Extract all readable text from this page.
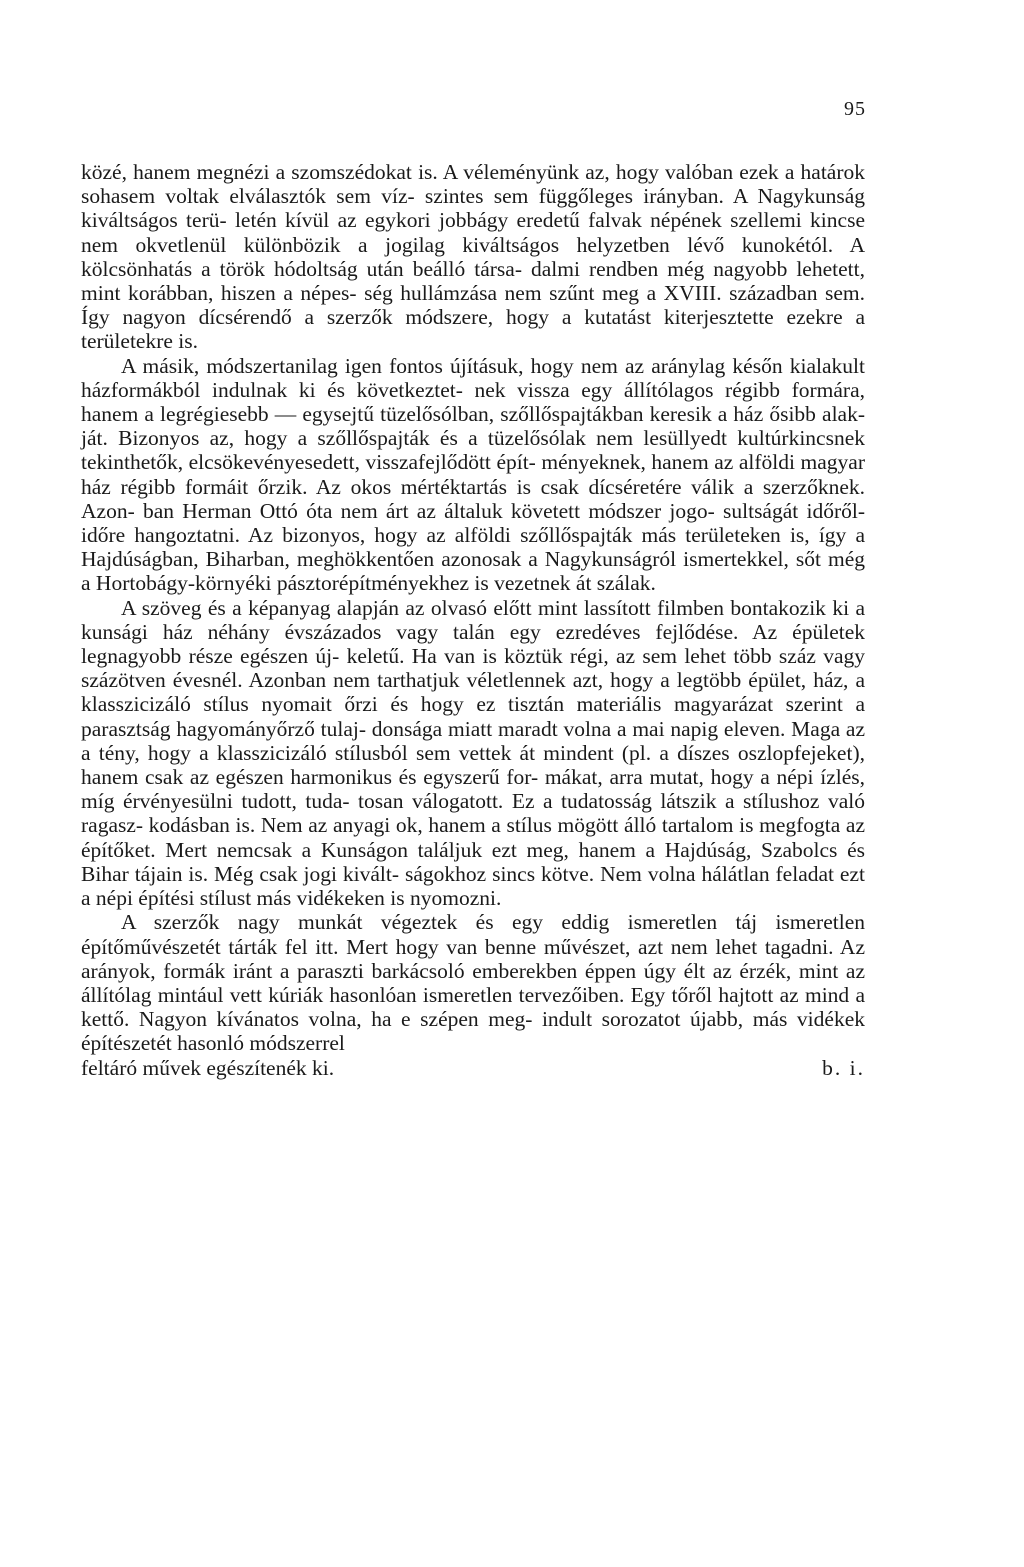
95

közé, hanem megnézi a szomszédokat is. A véleményünk az, hogy valóban ezek a határok sohasem voltak elválasztók sem víz- szintes sem függőleges irányban. A Nagykunság kiváltságos terü- letén kívül az egykori jobbágy eredetű falvak népének szellemi kincse nem okvetlenül különbözik a jogilag kiváltságos helyzetben lévő kunokétól. A kölcsönhatás a török hódoltság után beálló társa- dalmi rendben még nagyobb lehetett, mint korábban, hiszen a népes- ség hullámzása nem szűnt meg a XVIII. században sem. Így nagyon dícsérendő a szerzők módszere, hogy a kutatást kiterjesztette ezekre a területekre is.

A másik, módszertanilag igen fontos újításuk, hogy nem az aránylag későn kialakult házformákból indulnak ki és következtet- nek vissza egy állítólagos régibb formára, hanem a legrégiesebb — egysejtű tüzelősólban, szőllőspajtákban keresik a ház ősibb alak- ját. Bizonyos az, hogy a szőllőspajták és a tüzelősólak nem lesüllyedt kultúrkincsnek tekinthetők, elcsökevényesedett, visszafejlődött épít- ményeknek, hanem az alföldi magyar ház régibb formáit őrzik. Az okos mértéktartás is csak dícséretére válik a szerzőknek. Azon- ban Herman Ottó óta nem árt az általuk követett módszer jogo- sultságát időről-időre hangoztatni. Az bizonyos, hogy az alföldi szőllőspajták más területeken is, így a Hajdúságban, Biharban, meghökkentően azonosak a Nagykunságról ismertekkel, sőt még a Hortobágy-környéki pásztorépítményekhez is vezetnek át szálak.

A szöveg és a képanyag alapján az olvasó előtt mint lassított filmben bontakozik ki a kunsági ház néhány évszázados vagy talán egy ezredéves fejlődése. Az épületek legnagyobb része egészen új- keletű. Ha van is köztük régi, az sem lehet több száz vagy százötven évesnél. Azonban nem tarthatjuk véletlennek azt, hogy a legtöbb épület, ház, a klasszicizáló stílus nyomait őrzi és hogy ez tisztán materiális magyarázat szerint a parasztság hagyományőrző tulaj- donsága miatt maradt volna a mai napig eleven. Maga az a tény, hogy a klasszicizáló stílusból sem vettek át mindent (pl. a díszes oszlopfejeket), hanem csak az egészen harmonikus és egyszerű for- mákat, arra mutat, hogy a népi ízlés, míg érvényesülni tudott, tuda- tosan válogatott. Ez a tudatosság látszik a stílushoz való ragasz- kodásban is. Nem az anyagi ok, hanem a stílus mögött álló tartalom is megfogta az építőket. Mert nemcsak a Kunságon találjuk ezt meg, hanem a Hajdúság, Szabolcs és Bihar tájain is. Még csak jogi kivált- ságokhoz sincs kötve. Nem volna hálátlan feladat ezt a népi építési stílust más vidékeken is nyomozni.

A szerzők nagy munkát végeztek és egy eddig ismeretlen táj ismeretlen építőművészetét tárták fel itt. Mert hogy van benne művészet, azt nem lehet tagadni. Az arányok, formák iránt a paraszti barkácsoló emberekben éppen úgy élt az érzék, mint az állítólag mintául vett kúriák hasonlóan ismeretlen tervezőiben. Egy tőről hajtott az mind a kettő. Nagyon kívánatos volna, ha e szépen meg- indult sorozatot újabb, más vidékek építészetét hasonló módszerrel

feltáró művek egészítenék ki.	b. i.
